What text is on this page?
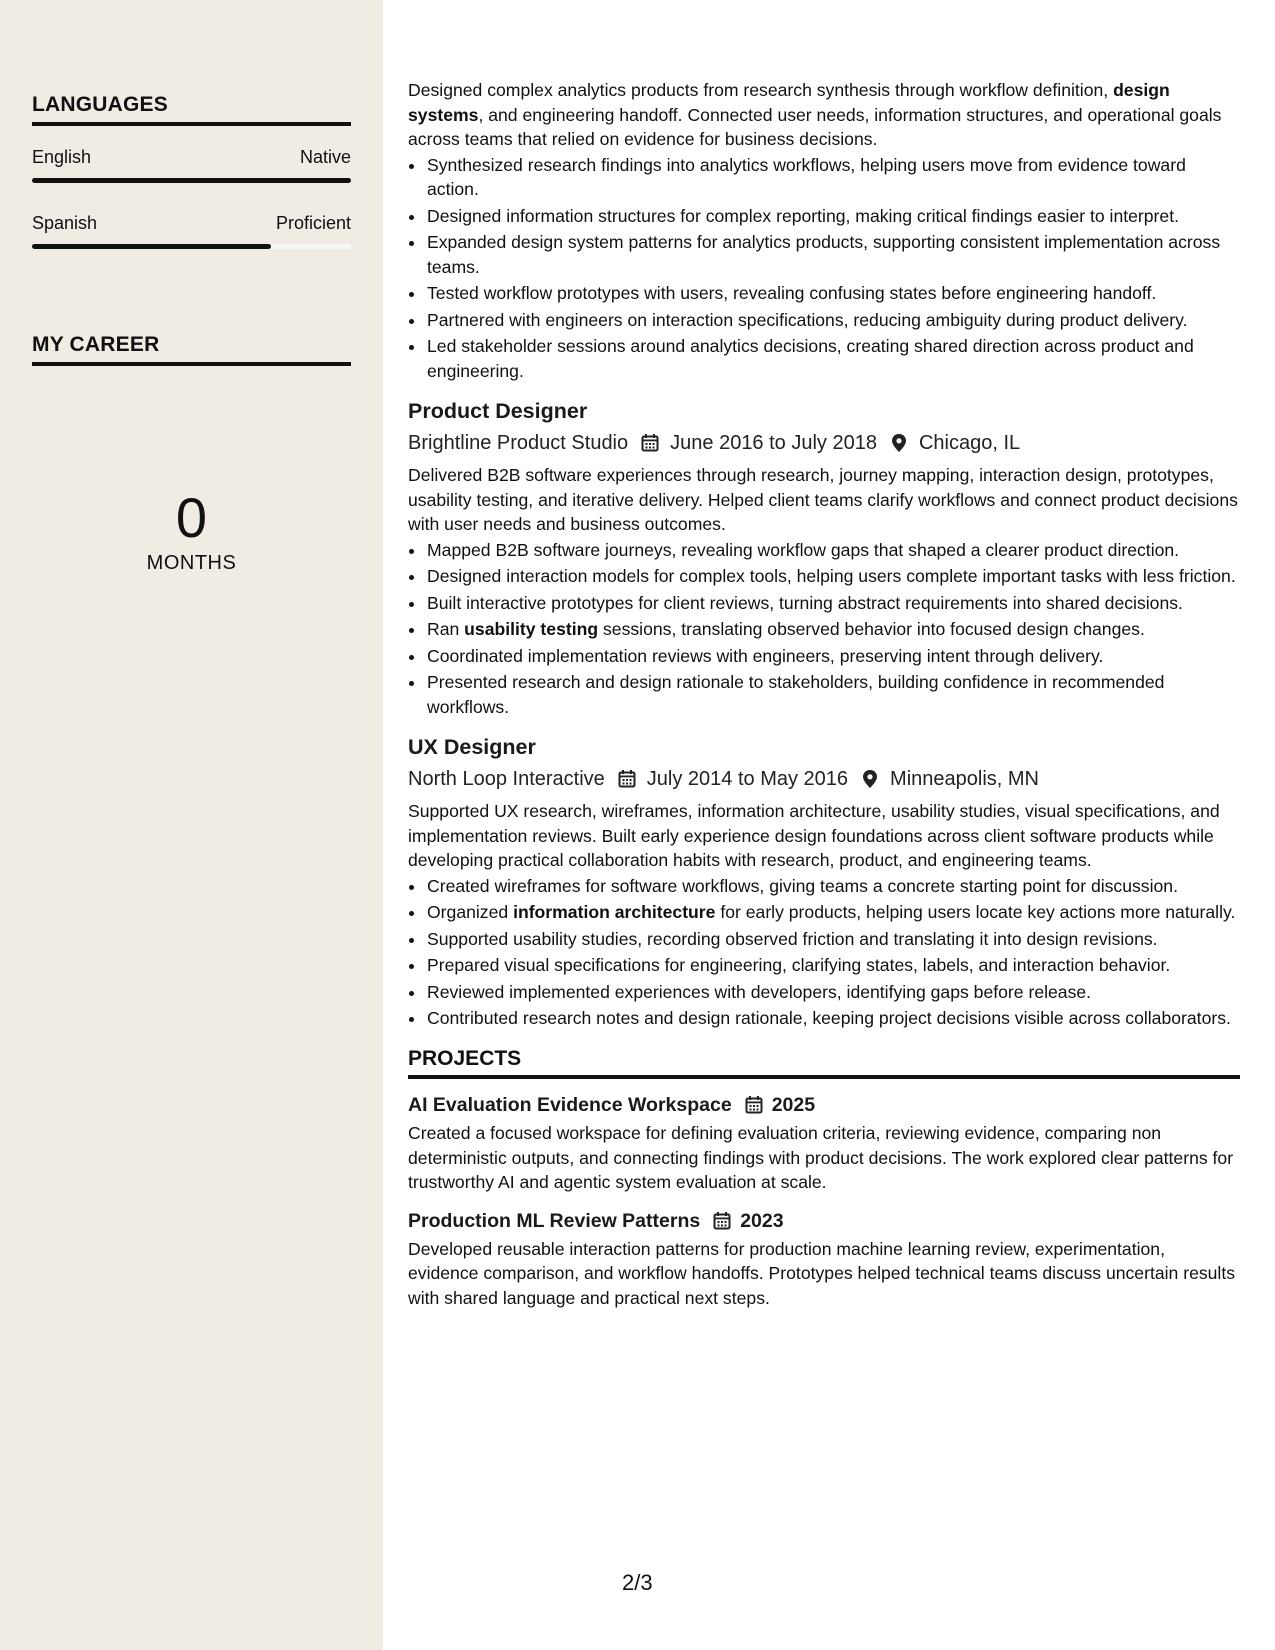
LANGUAGES
English	Native
Spanish	Proficient
MY CAREER
0
MONTHS

Designed complex analytics products from research synthesis through workflow definition, design systems, and engineering handoff. Connected user needs, information structures, and operational goals across teams that relied on evidence for business decisions.

• Synthesized research findings into analytics workflows, helping users move from evidence toward action.
• Designed information structures for complex reporting, making critical findings easier to interpret.
• Expanded design system patterns for analytics products, supporting consistent implementation across teams.
• Tested workflow prototypes with users, revealing confusing states before engineering handoff.
• Partnered with engineers on interaction specifications, reducing ambiguity during product delivery.
• Led stakeholder sessions around analytics decisions, creating shared direction across product and engineering.
Product Designer
Brightline Product Studio June 2016 to July 2018 Chicago, IL

Delivered B2B software experiences through research, journey mapping, interaction design, prototypes, usability testing, and iterative delivery. Helped client teams clarify workflows and connect product decisions with user needs and business outcomes.

• Mapped B2B software journeys, revealing workflow gaps that shaped a clearer product direction.
• Designed interaction models for complex tools, helping users complete important tasks with less friction.
• Built interactive prototypes for client reviews, turning abstract requirements into shared decisions.
• Ran usability testing sessions, translating observed behavior into focused design changes.
• Coordinated implementation reviews with engineers, preserving intent through delivery.
• Presented research and design rationale to stakeholders, building confidence in recommended workflows.
UX Designer
North Loop Interactive July 2014 to May 2016 Minneapolis, MN

Supported UX research, wireframes, information architecture, usability studies, visual specifications, and implementation reviews. Built early experience design foundations across client software products while developing practical collaboration habits with research, product, and engineering teams.

• Created wireframes for software workflows, giving teams a concrete starting point for discussion.
• Organized information architecture for early products, helping users locate key actions more naturally.
• Supported usability studies, recording observed friction and translating it into design revisions.
• Prepared visual specifications for engineering, clarifying states, labels, and interaction behavior.
• Reviewed implemented experiences with developers, identifying gaps before release.
• Contributed research notes and design rationale, keeping project decisions visible across collaborators.
PROJECTS
AI Evaluation Evidence Workspace 2025

Created a focused workspace for defining evaluation criteria, reviewing evidence, comparing non deterministic outputs, and connecting findings with product decisions. The work explored clear patterns for trustworthy AI and agentic system evaluation at scale.

Production ML Review Patterns 2023

Developed reusable interaction patterns for production machine learning review, experimentation, evidence comparison, and workflow handoffs. Prototypes helped technical teams discuss uncertain results with shared language and practical next steps.

2/3
